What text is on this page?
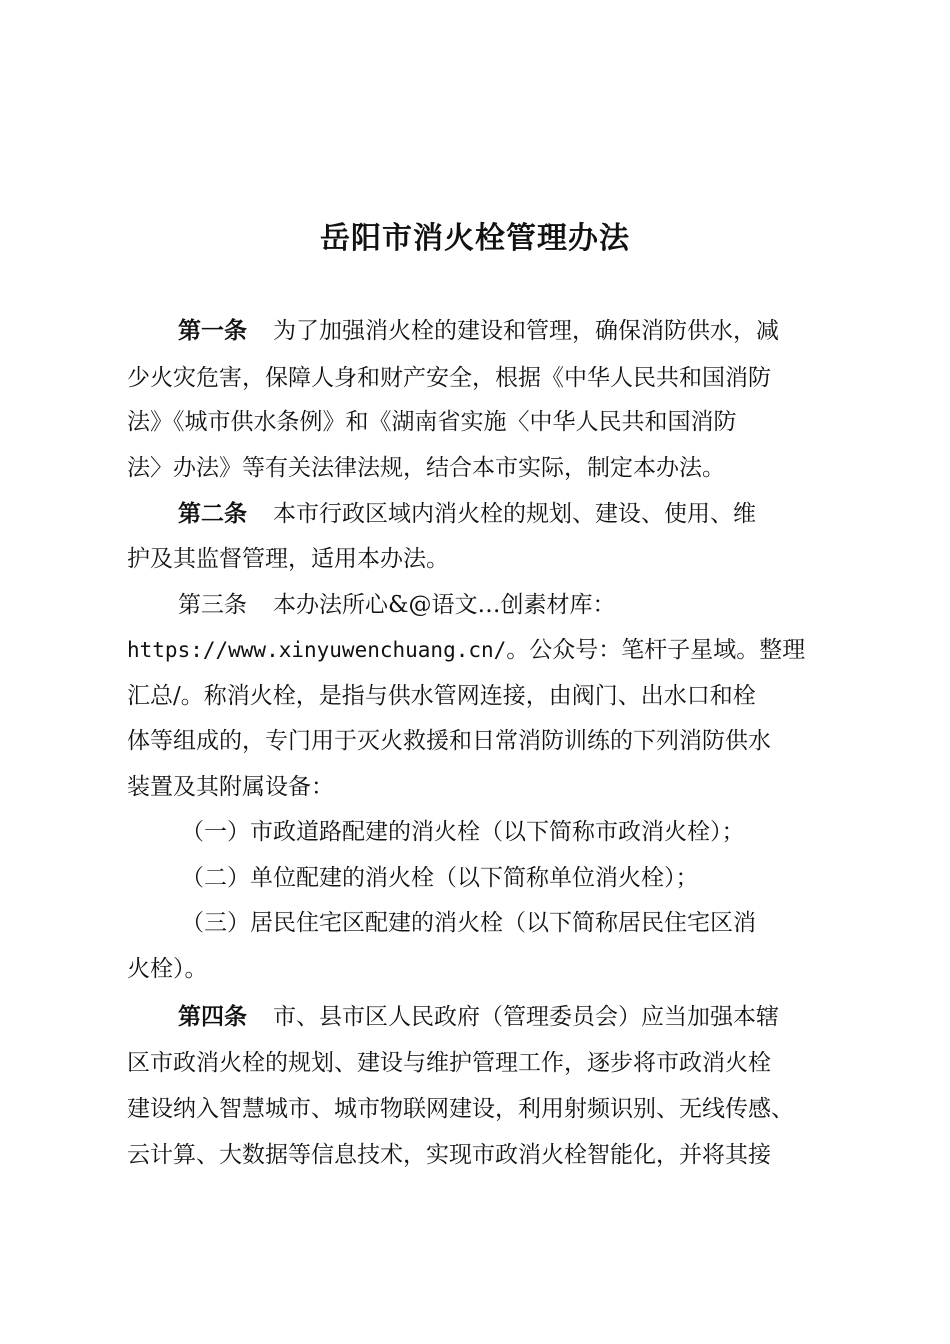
岳阳市消火栓管理办法
第一条 为了加强消火栓的建设和管理，确保消防供水，减
少火灾危害，保障人身和财产安全，根据《中华人民共和国消防
法》《城市供水条例》和《湖南省实施〈中华人民共和国消防
法〉办法》等有关法律法规，结合本市实际，制定本办法。
第二条 本市行政区域内消火栓的规划、建设、使用、维
护及其监督管理，适用本办法。
第三条 本办法所心&@语文…创素材库：
https://www.xinyuwenchuang.cn/。公众号：笔杆子星域。整理
汇总/。称消火栓，是指与供水管网连接，由阀门、出水口和栓
体等组成的，专门用于灭火救援和日常消防训练的下列消防供水
装置及其附属设备：
（一）市政道路配建的消火栓（以下简称市政消火栓）；
（二）单位配建的消火栓（以下简称单位消火栓）；
（三）居民住宅区配建的消火栓（以下简称居民住宅区消
火栓）。
第四条 市、县市区人民政府（管理委员会）应当加强本辖
区市政消火栓的规划、建设与维护管理工作，逐步将市政消火栓
建设纳入智慧城市、城市物联网建设，利用射频识别、无线传感、
云计算、大数据等信息技术，实现市政消火栓智能化，并将其接
